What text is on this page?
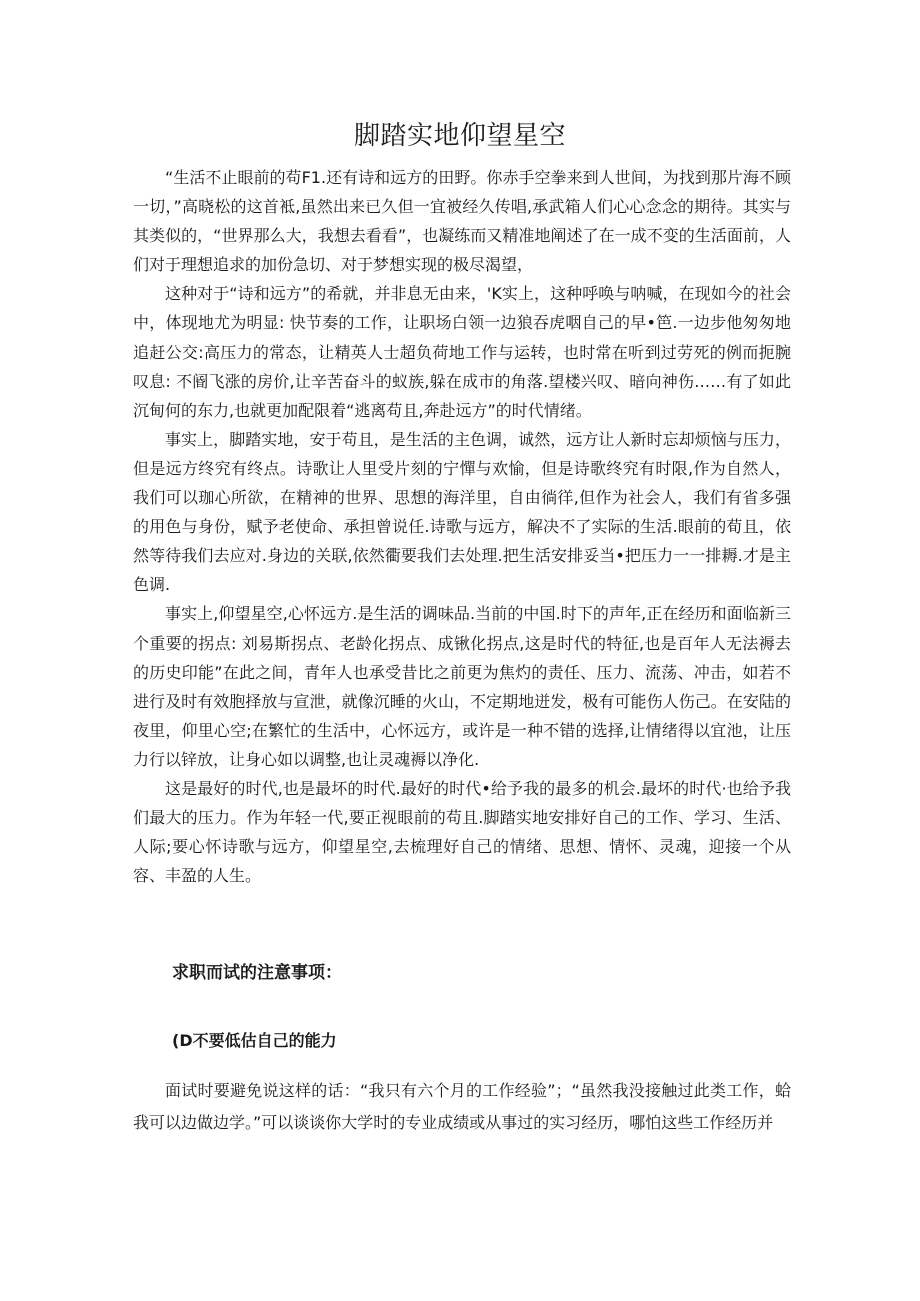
脚踏实地仰望星空

“生活不止眼前的苟F1.还有诗和远方的田野。你赤手空拳来到人世间，为找到那片海不顾一切，”高晓松的这首袛,虽然出来已久但一宜被经久传唱,承武箱人们心心念念的期待。其实与其类似的，“世界那么大，我想去看看”，也凝练而又精准地阐述了在一成不变的生活面前，人们对于理想追求的加份急切、对于梦想实现的极尽渴望，

这种对于“诗和远方”的希就，并非息无由来，'K实上，这种呼唤与呐喊，在现如今的社会中，体现地尤为明显: 快节奏的工作，让职场白领一边狼吞虎咽自己的早•笆.一边步他匆匆地追赶公交:高压力的常态，让精英人士超负荷地工作与运转，也时常在听到过劳死的例而扼腕叹息: 不阍飞涨的房价,让辛苦奋斗的蚁族,躲在成市的角落.望楼兴叹、暗向神伤……有了如此沉甸何的东力,也就更加配限着“逃离苟且,奔赴远方”的时代情绪。

事实上，脚踏实地，安于苟且，是生活的主色调，诚然，远方让人新时忘却烦恼与压力，但是远方终究有终点。诗歌让人里受片刻的宁憚与欢愉，但是诗歌终究有时限,作为自然人，我们可以珈心所欲，在精神的世界、思想的海洋里，自由徜徉,但作为社会人，我们有省多强的用色与身份，赋予老使命、承担曾说任.诗歌与远方，解决不了实际的生活.眼前的荀且，依然等待我们去应对.身边的关联,依然衢要我们去处理.把生活安排妥当•把压力一一排耨.才是主色调.

事实上,仰望星空,心怀远方.是生活的调味品.当前的中国.时下的声年,正在经历和面临新三个重要的拐点: 刘易斯拐点、老龄化拐点、成锹化拐点,这是时代的特征,也是百年人无法褥去的历史印能”在此之间，青年人也承受昔比之前更为焦灼的责任、压力、流荡、冲击，如若不进行及时有效胞择放与宣泄，就像沉睡的火山，不定期地迸发，极有可能伤人伤己。在安陆的夜里，仰里心空;在繁忙的生活中，心怀远方，或许是一种不错的选择,让情绪得以宜池，让压力行以锌放，让身心如以调整,也让灵魂褥以净化.

这是最好的时代,也是最坏的时代.最好的时代•给予我的最多的机会.最坏的时代·也给予我们最大的压力。作为年轻一代,要正视眼前的苟且.脚踏实地安排好自己的工作、学习、生活、人际;要心怀诗歌与远方，仰望星空,去梳理好自己的情绪、思想、情怀、灵魂，迎接一个从容、丰盈的人生。

求职而试的注意事项：
(D不要低估自己的能力

面试时要避免说这样的话：“我只有六个月的工作经验”；“虽然我没接触过此类工作，蛤我可以边做边学。”可以谈谈你大学时的专业成绩或从事过的实习经历，哪怕这些工作经历并
